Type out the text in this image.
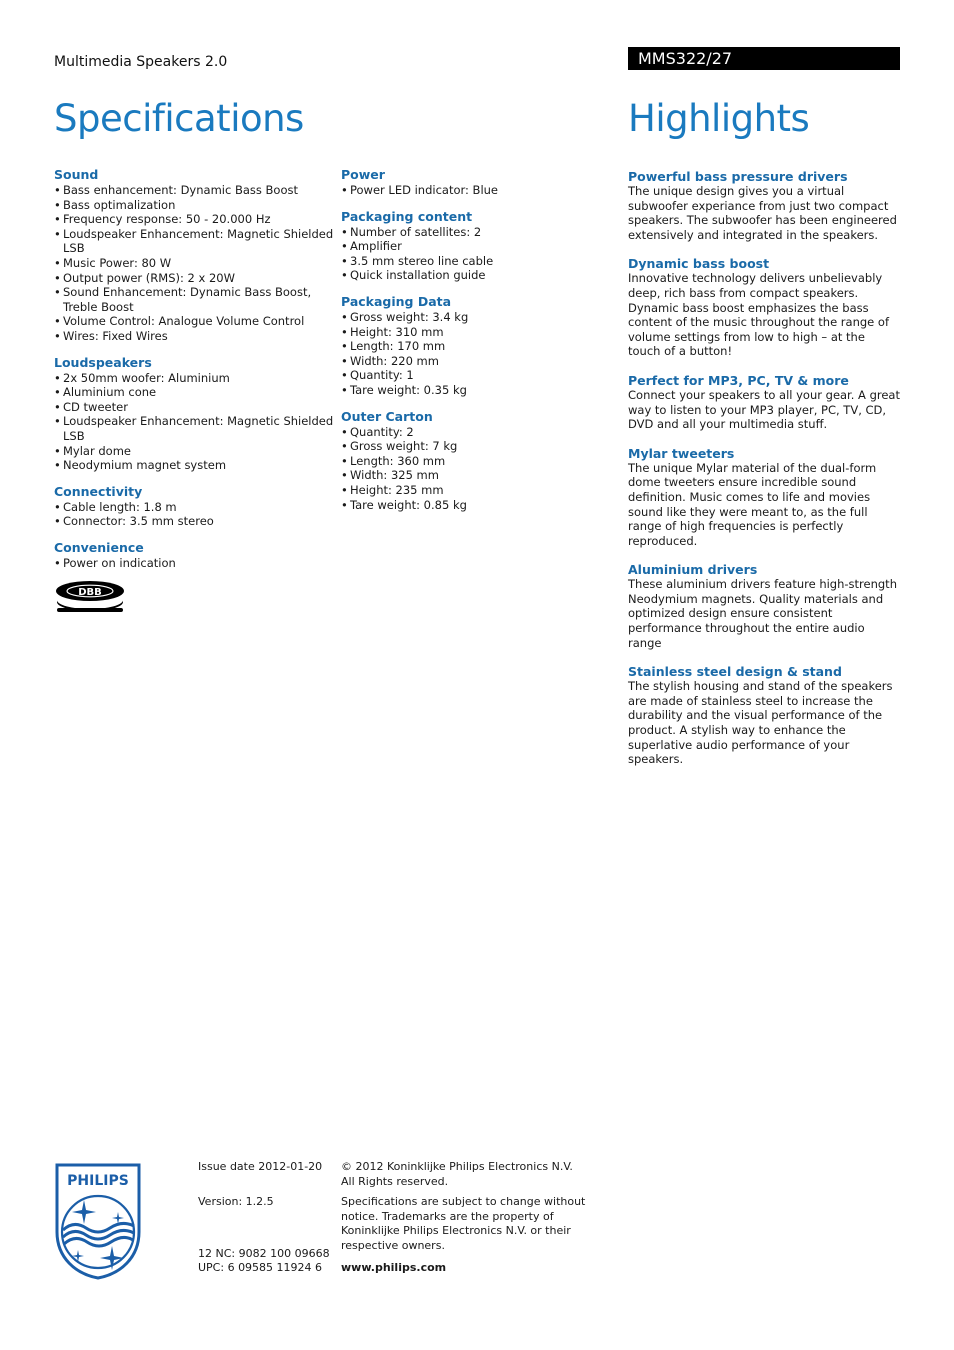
Multimedia Speakers 2.0	MMS322/27
Specifications	Highlights
Sound
• Bass enhancement: Dynamic Bass Boost
• Bass optimalization
• Frequency response: 50 - 20.000 Hz
• Loudspeaker Enhancement: Magnetic Shielded LSB
• Music Power: 80 W
• Output power (RMS): 2 x 20W
• Sound Enhancement: Dynamic Bass Boost, Treble Boost
• Volume Control: Analogue Volume Control
• Wires: Fixed Wires
Loudspeakers
• 2x 50mm woofer: Aluminium
• Aluminium cone
• CD tweeter
• Loudspeaker Enhancement: Magnetic Shielded LSB
• Mylar dome
• Neodymium magnet system
Connectivity
• Cable length: 1.8 m
• Connector: 3.5 mm stereo
Convenience
• Power on indication
Power
• Power LED indicator: Blue
Packaging content
• Number of satellites: 2
• Amplifier
• 3.5 mm stereo line cable
• Quick installation guide
Packaging Data
• Gross weight: 3.4 kg
• Height: 310 mm
• Length: 170 mm
• Width: 220 mm
• Quantity: 1
• Tare weight: 0.35 kg
Outer Carton
• Quantity: 2
• Gross weight: 7 kg
• Length: 360 mm
• Width: 325 mm
• Height: 235 mm
• Tare weight: 0.85 kg
Powerful bass pressure drivers
The unique design gives you a virtual subwoofer experiance from just two compact speakers. The subwoofer has been engineered extensively and integrated in the speakers.
Dynamic bass boost
Innovative technology delivers unbelievably deep, rich bass from compact speakers. Dynamic bass boost emphasizes the bass content of the music throughout the range of volume settings from low to high – at the touch of a button!
Perfect for MP3, PC, TV & more
Connect your speakers to all your gear. A great way to listen to your MP3 player, PC, TV, CD, DVD and all your multimedia stuff.
Mylar tweeters
The unique Mylar material of the dual-form dome tweeters ensure incredible sound definition. Music comes to life and movies sound like they were meant to, as the full range of high frequencies is perfectly reproduced.
Aluminium drivers
These aluminium drivers feature high-strength Neodymium magnets. Quality materials and optimized design ensure consistent performance throughout the entire audio range
Stainless steel design & stand
The stylish housing and stand of the speakers are made of stainless steel to increase the durability and the visual performance of the product. A stylish way to enhance the superlative audio performance of your speakers.
DBB
PHILIPS
Issue date 2012-01-20
Version: 1.2.5
12 NC: 9082 100 09668
UPC: 6 09585 11924 6
© 2012 Koninklijke Philips Electronics N.V.
All Rights reserved.
Specifications are subject to change without notice. Trademarks are the property of Koninklijke Philips Electronics N.V. or their respective owners.
www.philips.com
